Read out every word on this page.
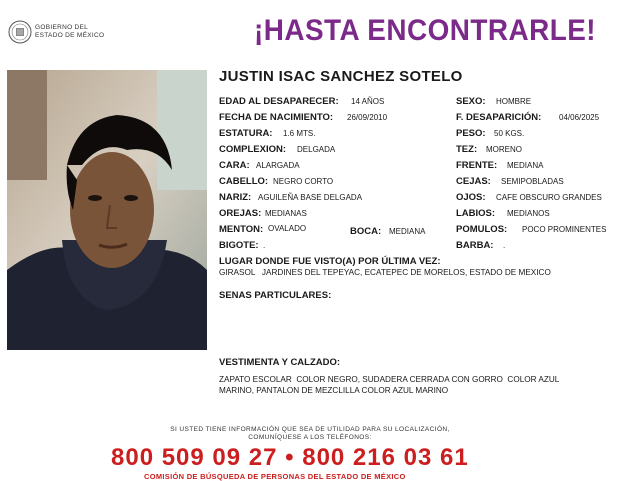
GOBIERNO DEL
ESTADO DE MÉXICO	¡HASTA ENCONTRARLE!
JUSTIN ISAC SANCHEZ SOTELO
EDAD AL DESAPARECER: 14 AÑOS
FECHA DE NACIMIENTO: 26/09/2010
ESTATURA: 1.6 MTS.
COMPLEXION: DELGADA
CARA: ALARGADA
CABELLO: NEGRO CORTO
NARIZ: AGUILEÑA BASE DELGADA
OREJAS: MEDIANAS
MENTON: OVALADO	BOCA: MEDIANA
BIGOTE: .
SEXO: HOMBRE
F. DESAPARICIÓN: 04/06/2025
PESO: 50 KGS.
TEZ: MORENO
FRENTE: MEDIANA
CEJAS: SEMIPOBLADAS
OJOS: CAFE OBSCURO GRANDES
LABIOS: MEDIANOS
POMULOS: POCO PROMINENTES
BARBA: .
LUGAR DONDE FUE VISTO(A) POR ÚLTIMA VEZ:
GIRASOL   JARDINES DEL TEPEYAC, ECATEPEC DE MORELOS, ESTADO DE MEXICO
SENAS PARTICULARES:
VESTIMENTA Y CALZADO:
ZAPATO ESCOLAR  COLOR NEGRO, SUDADERA CERRADA CON GORRO  COLOR AZUL MARINO, PANTALON DE MEZCLILLA COLOR AZUL MARINO
SI USTED TIENE INFORMACIÓN QUE SEA DE UTILIDAD PARA SU LOCALIZACIÓN,
COMUNÍQUESE A LOS TELÉFONOS:
800 509 09 27 • 800 216 03 61
COMISIÓN DE BÚSQUEDA DE PERSONAS DEL ESTADO DE MÉXICO
